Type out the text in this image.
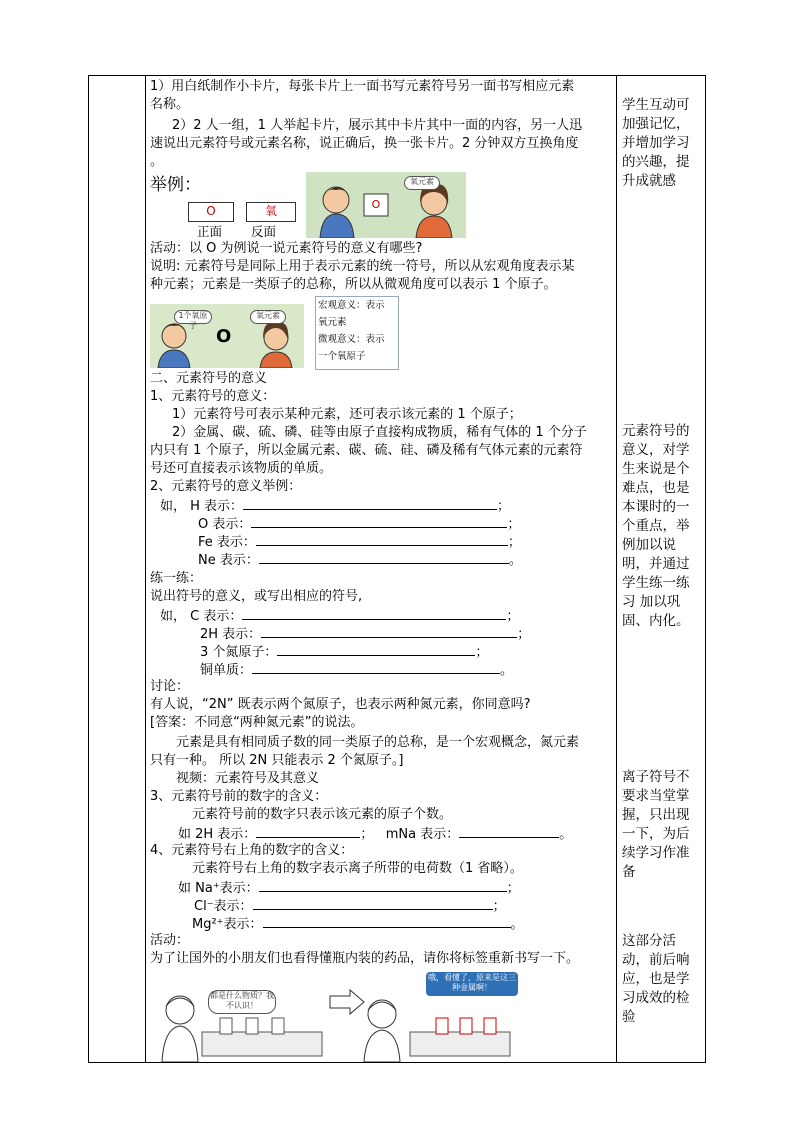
1）用白纸制作小卡片，每张卡片上一面书写元素符号另一面书写相应元素
名称。
2）2 人一组，1 人举起卡片，展示其中卡片其中一面的内容，另一人迅
速说出元素符号或元素名称，说正确后，换一张卡片。2 分钟双方互换角度
。
举例：
O	氧
正面 反面
O
氧元素
活动：以 O 为例说一说元素符号的意义有哪些?
说明: 元素符号是同际上用于表示元素的统一符号，所以从宏观角度表示某
种元素；元素是一类原子的总称，所以从微观角度可以表示 1 个原子。
O
1个氧原子
氧元素
宏观意义：表示
氧元素
微观意义：表示
一个氧原子
二、元素符号的意义
1、元素符号的意义：
1）元素符号可表示某种元素，还可表示该元素的 1 个原子；
2）金属、碳、硫、磷、硅等由原子直接构成物质，稀有气体的 1 个分子
内只有 1 个原子，所以金属元素、碳、硫、硅、磷及稀有气体元素的元素符
号还可直接表示该物质的单质。
2、元素符号的意义举例：
如， H 表示：	；
O 表示：	；
Fe 表示：	；
Ne 表示：	。
练一练：
说出符号的意义，或写出相应的符号,
如， C 表示：	；
2H 表示：	；
3 个氮原子：	；
铜单质：	。
讨论：
有人说，“2N” 既表示两个氮原子，也表示两种氮元素，你同意吗?
[答案：不同意“两种氮元素”的说法。
元素是具有相同质子数的同一类原子的总称，是一个宏观概念，氮元素
只有一种。 所以 2N 只能表示 2 个氮原子。]
视频：元素符号及其意义
3、元素符号前的数字的含义：
元素符号前的数字只表示该元素的原子个数。
如 2H 表示：	； mNa 表示：	。
4、元素符号右上角的数字的含义：
元素符号右上角的数字表示离子所带的电荷数（1 省略）。
如 Na⁺表示：	；
Cl⁻表示：	；
Mg²⁺表示：	。
活动：
为了让国外的小朋友们也看得懂瓶内装的药品，请你将标签重新书写一下。
都是什么物质？我不认识！
哦，看懂了，原来是这三种金属啊！
学生互动可加强记忆，并增加学习的兴趣，提升成就感
元素符号的意义，对学生来说是个难点，也是本课时的一个重点，举例加以说明，并通过 学生练一练习 加以巩固、内化。
离子符号不要求当堂掌握，只出现一下，为后续学习作准备
这部分活动，前后响应，也是学习成效的检验
